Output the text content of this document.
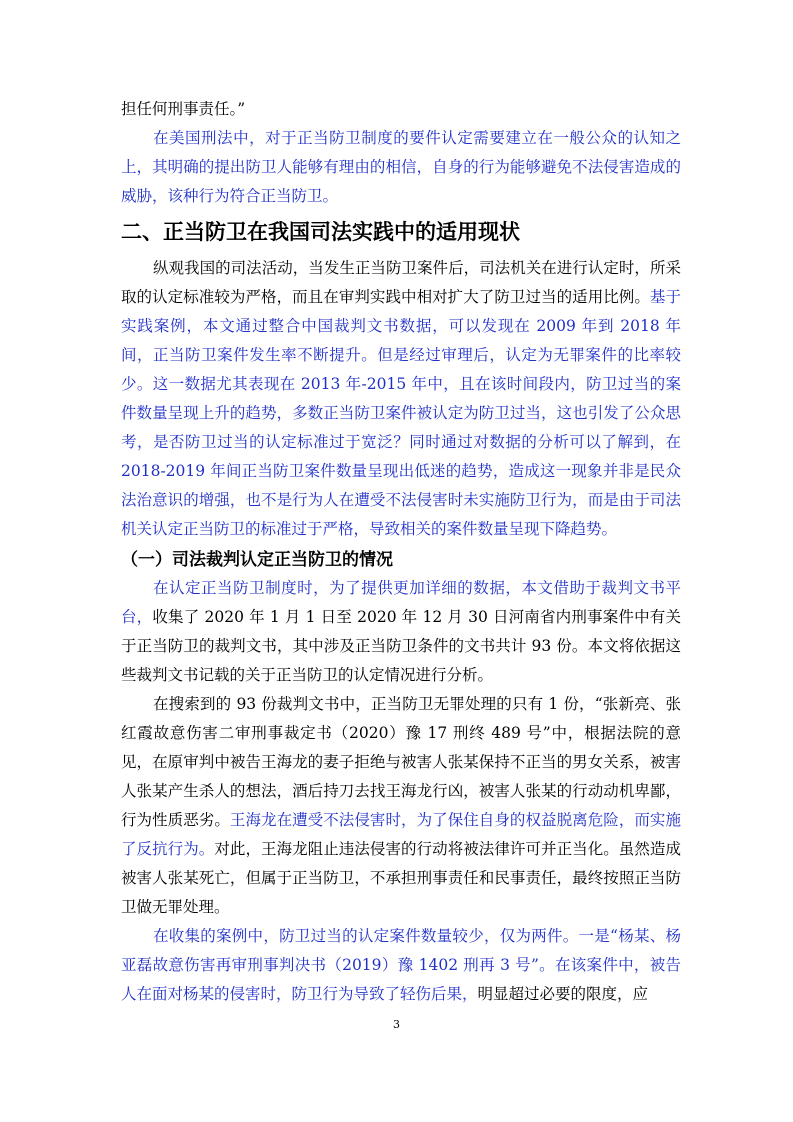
担任何刑事责任。”

在美国刑法中，对于正当防卫制度的要件认定需要建立在一般公众的认知之上，其明确的提出防卫人能够有理由的相信，自身的行为能够避免不法侵害造成的威胁，该种行为符合正当防卫。

二、正当防卫在我国司法实践中的适用现状

纵观我国的司法活动，当发生正当防卫案件后，司法机关在进行认定时，所采取的认定标准较为严格，而且在审判实践中相对扩大了防卫过当的适用比例。基于实践案例，本文通过整合中国裁判文书数据，可以发现在 2009 年到 2018 年间，正当防卫案件发生率不断提升。但是经过审理后，认定为无罪案件的比率较少。这一数据尤其表现在 2013 年-2015 年中，且在该时间段内，防卫过当的案件数量呈现上升的趋势，多数正当防卫案件被认定为防卫过当，这也引发了公众思考，是否防卫过当的认定标准过于宽泛？同时通过对数据的分析可以了解到，在 2018-2019 年间正当防卫案件数量呈现出低迷的趋势，造成这一现象并非是民众法治意识的增强，也不是行为人在遭受不法侵害时未实施防卫行为，而是由于司法机关认定正当防卫的标准过于严格，导致相关的案件数量呈现下降趋势。

（一）司法裁判认定正当防卫的情况

在认定正当防卫制度时，为了提供更加详细的数据，本文借助于裁判文书平台，收集了 2020 年 1 月 1 日至 2020 年 12 月 30 日河南省内刑事案件中有关于正当防卫的裁判文书，其中涉及正当防卫条件的文书共计 93 份。本文将依据这些裁判文书记载的关于正当防卫的认定情况进行分析。

在搜索到的 93 份裁判文书中，正当防卫无罪处理的只有 1 份，“张新亮、张红霞故意伤害二审刑事裁定书（2020）豫 17 刑终 489 号”中，根据法院的意见，在原审判中被告王海龙的妻子拒绝与被害人张某保持不正当的男女关系，被害人张某产生杀人的想法，酒后持刀去找王海龙行凶，被害人张某的行动动机卑鄙，行为性质恶劣。王海龙在遭受不法侵害时，为了保住自身的权益脱离危险，而实施了反抗行为。对此，王海龙阻止违法侵害的行动将被法律许可并正当化。虽然造成被害人张某死亡，但属于正当防卫，不承担刑事责任和民事责任，最终按照正当防卫做无罪处理。

在收集的案例中，防卫过当的认定案件数量较少，仅为两件。一是“杨某、杨亚磊故意伤害再审刑事判决书（2019）豫 1402 刑再 3 号”。在该案件中，被告人在面对杨某的侵害时，防卫行为导致了轻伤后果，明显超过必要的限度，应

3
